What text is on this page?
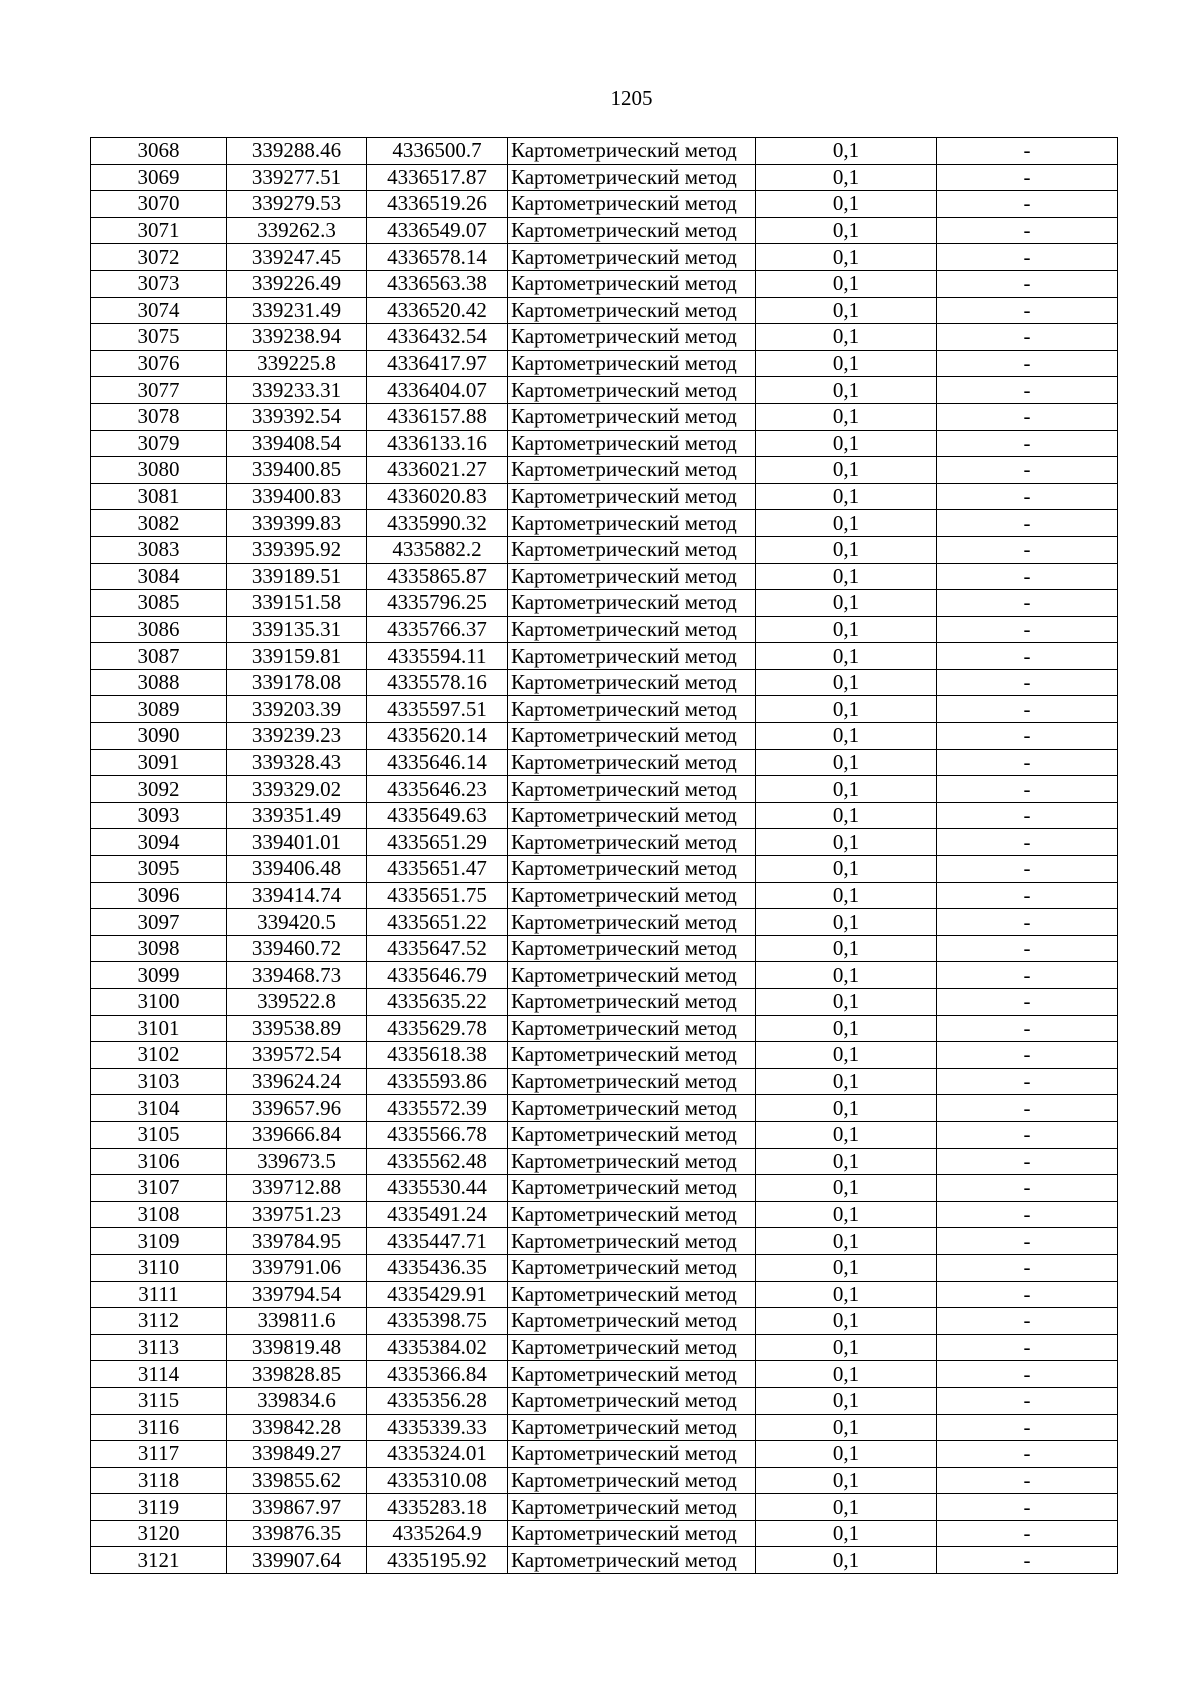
1205
3068	339288.46	4336500.7	Картометрический метод	0,1	-
3069	339277.51	4336517.87	Картометрический метод	0,1	-
3070	339279.53	4336519.26	Картометрический метод	0,1	-
3071	339262.3	4336549.07	Картометрический метод	0,1	-
3072	339247.45	4336578.14	Картометрический метод	0,1	-
3073	339226.49	4336563.38	Картометрический метод	0,1	-
3074	339231.49	4336520.42	Картометрический метод	0,1	-
3075	339238.94	4336432.54	Картометрический метод	0,1	-
3076	339225.8	4336417.97	Картометрический метод	0,1	-
3077	339233.31	4336404.07	Картометрический метод	0,1	-
3078	339392.54	4336157.88	Картометрический метод	0,1	-
3079	339408.54	4336133.16	Картометрический метод	0,1	-
3080	339400.85	4336021.27	Картометрический метод	0,1	-
3081	339400.83	4336020.83	Картометрический метод	0,1	-
3082	339399.83	4335990.32	Картометрический метод	0,1	-
3083	339395.92	4335882.2	Картометрический метод	0,1	-
3084	339189.51	4335865.87	Картометрический метод	0,1	-
3085	339151.58	4335796.25	Картометрический метод	0,1	-
3086	339135.31	4335766.37	Картометрический метод	0,1	-
3087	339159.81	4335594.11	Картометрический метод	0,1	-
3088	339178.08	4335578.16	Картометрический метод	0,1	-
3089	339203.39	4335597.51	Картометрический метод	0,1	-
3090	339239.23	4335620.14	Картометрический метод	0,1	-
3091	339328.43	4335646.14	Картометрический метод	0,1	-
3092	339329.02	4335646.23	Картометрический метод	0,1	-
3093	339351.49	4335649.63	Картометрический метод	0,1	-
3094	339401.01	4335651.29	Картометрический метод	0,1	-
3095	339406.48	4335651.47	Картометрический метод	0,1	-
3096	339414.74	4335651.75	Картометрический метод	0,1	-
3097	339420.5	4335651.22	Картометрический метод	0,1	-
3098	339460.72	4335647.52	Картометрический метод	0,1	-
3099	339468.73	4335646.79	Картометрический метод	0,1	-
3100	339522.8	4335635.22	Картометрический метод	0,1	-
3101	339538.89	4335629.78	Картометрический метод	0,1	-
3102	339572.54	4335618.38	Картометрический метод	0,1	-
3103	339624.24	4335593.86	Картометрический метод	0,1	-
3104	339657.96	4335572.39	Картометрический метод	0,1	-
3105	339666.84	4335566.78	Картометрический метод	0,1	-
3106	339673.5	4335562.48	Картометрический метод	0,1	-
3107	339712.88	4335530.44	Картометрический метод	0,1	-
3108	339751.23	4335491.24	Картометрический метод	0,1	-
3109	339784.95	4335447.71	Картометрический метод	0,1	-
3110	339791.06	4335436.35	Картометрический метод	0,1	-
3111	339794.54	4335429.91	Картометрический метод	0,1	-
3112	339811.6	4335398.75	Картометрический метод	0,1	-
3113	339819.48	4335384.02	Картометрический метод	0,1	-
3114	339828.85	4335366.84	Картометрический метод	0,1	-
3115	339834.6	4335356.28	Картометрический метод	0,1	-
3116	339842.28	4335339.33	Картометрический метод	0,1	-
3117	339849.27	4335324.01	Картометрический метод	0,1	-
3118	339855.62	4335310.08	Картометрический метод	0,1	-
3119	339867.97	4335283.18	Картометрический метод	0,1	-
3120	339876.35	4335264.9	Картометрический метод	0,1	-
3121	339907.64	4335195.92	Картометрический метод	0,1	-
